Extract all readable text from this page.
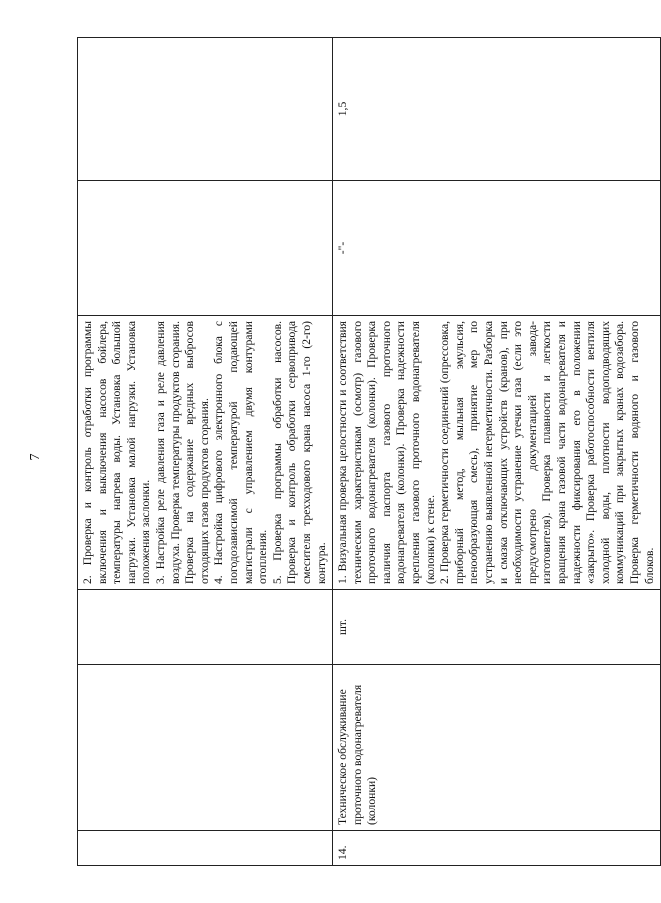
7

			2. Проверка и контроль отработки программы включения и выключения насосов бойлера, температуры нагрева воды. Установка большой нагрузки. Установка малой нагрузки. Установка положения заслонки. 3. Настройка реле давления газа и реле давления воздуха. Проверка температуры продуктов сгорания. Проверка на содержание вредных выбросов отходящих газов продуктов сгорания. 4. Настройка цифрового электронного блока с погодозависимой температурой подающей магистрали с управлением двумя контурами отопления. 5. Проверка программы обработки насосов. Проверка и контроль обработки сервопривода смесителя трехходового крана насоса 1-го (2-го) контура.		

14.	Техническое обслуживание проточного водонагревателя (колонки)	шт.	1. Визуальная проверка целостности и соответствия техническим характеристикам (осмотр) газового проточного водонагревателя (колонки). Проверка наличия паспорта газового проточного водонагревателя (колонки). Проверка надежности крепления газового проточного водонагревателя (колонки) к стене. 2. Проверка герметичности соединений (опрессовка, приборный метод, мыльная эмульсия, пенообразующая смесь), принятие мер по устранению выявленной негерметичности. Разборка и смазка отключающих устройств (кранов), при необходимости устранение утечки газа (если это предусмотрено документацией завода-изготовителя). Проверка плавности и легкости вращения крана газовой части водонагревателя и надежности фиксирования его в положении «закрыто». Проверка работоспособности вентиля холодной воды, плотности водоподводящих коммуникаций при закрытых кранах водозабора. Проверка герметичности водяного и газового блоков.	-"-	1,5
